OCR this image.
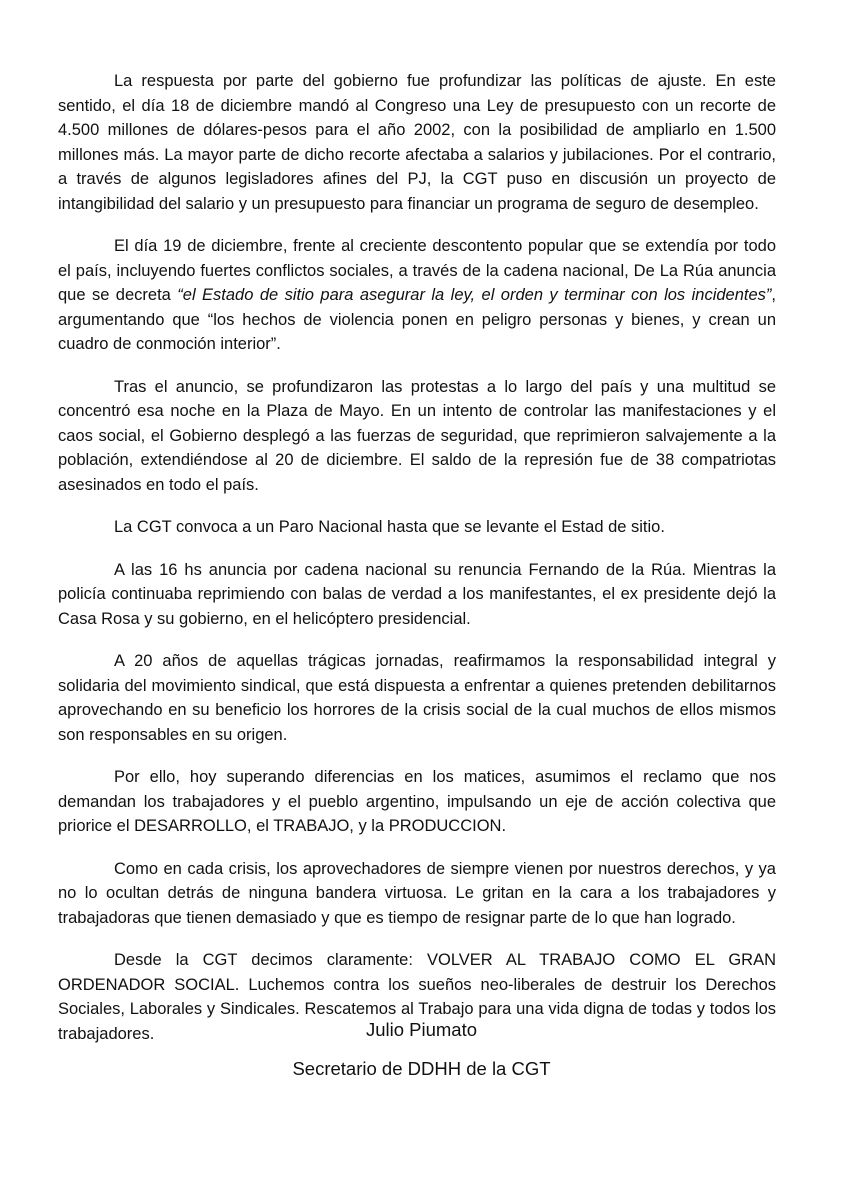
La respuesta por parte del gobierno fue profundizar las políticas de ajuste. En este sentido, el día 18 de diciembre mandó al Congreso una Ley de presupuesto con un recorte de 4.500 millones de dólares-pesos para el año 2002, con la posibilidad de ampliarlo en 1.500 millones más. La mayor parte de dicho recorte afectaba a salarios y jubilaciones. Por el contrario, a través de algunos legisladores afines del PJ, la CGT puso en discusión un proyecto de intangibilidad del salario y un presupuesto para financiar un programa de seguro de desempleo.

El día 19 de diciembre, frente al creciente descontento popular que se extendía por todo el país, incluyendo fuertes conflictos sociales, a través de la cadena nacional, De La Rúa anuncia que se decreta “el Estado de sitio para asegurar la ley, el orden y terminar con los incidentes”, argumentando que “los hechos de violencia ponen en peligro personas y bienes, y crean un cuadro de conmoción interior”.

Tras el anuncio, se profundizaron las protestas a lo largo del país y una multitud se concentró esa noche en la Plaza de Mayo. En un intento de controlar las manifestaciones y el caos social, el Gobierno desplegó a las fuerzas de seguridad, que reprimieron salvajemente a la población, extendiéndose al 20 de diciembre. El saldo de la represión fue de 38 compatriotas asesinados en todo el país.

La CGT convoca a un Paro Nacional hasta que se levante el Estad de sitio.

A las 16 hs anuncia por cadena nacional su renuncia Fernando de la Rúa. Mientras la policía continuaba reprimiendo con balas de verdad a los manifestantes, el ex presidente dejó la Casa Rosa y su gobierno, en el helicóptero presidencial.

A 20 años de aquellas trágicas jornadas, reafirmamos la responsabilidad integral y solidaria del movimiento sindical, que está dispuesta a enfrentar a quienes pretenden debilitarnos aprovechando en su beneficio los horrores de la crisis social de la cual muchos de ellos mismos son responsables en su origen.

Por ello, hoy superando diferencias en los matices, asumimos el reclamo que nos demandan los trabajadores y el pueblo argentino, impulsando un eje de acción colectiva que priorice el DESARROLLO, el TRABAJO, y la PRODUCCION.

Como en cada crisis, los aprovechadores de siempre vienen por nuestros derechos, y ya no lo ocultan detrás de ninguna bandera virtuosa. Le gritan en la cara a los trabajadores y trabajadoras que tienen demasiado y que es tiempo de resignar parte de lo que han logrado.

Desde la CGT decimos claramente: VOLVER AL TRABAJO COMO EL GRAN ORDENADOR SOCIAL. Luchemos contra los sueños neo-liberales de destruir los Derechos Sociales, Laborales y Sindicales. Rescatemos al Trabajo para una vida digna de todas y todos los trabajadores.	Julio Piumato
Secretario de DDHH de la CGT
